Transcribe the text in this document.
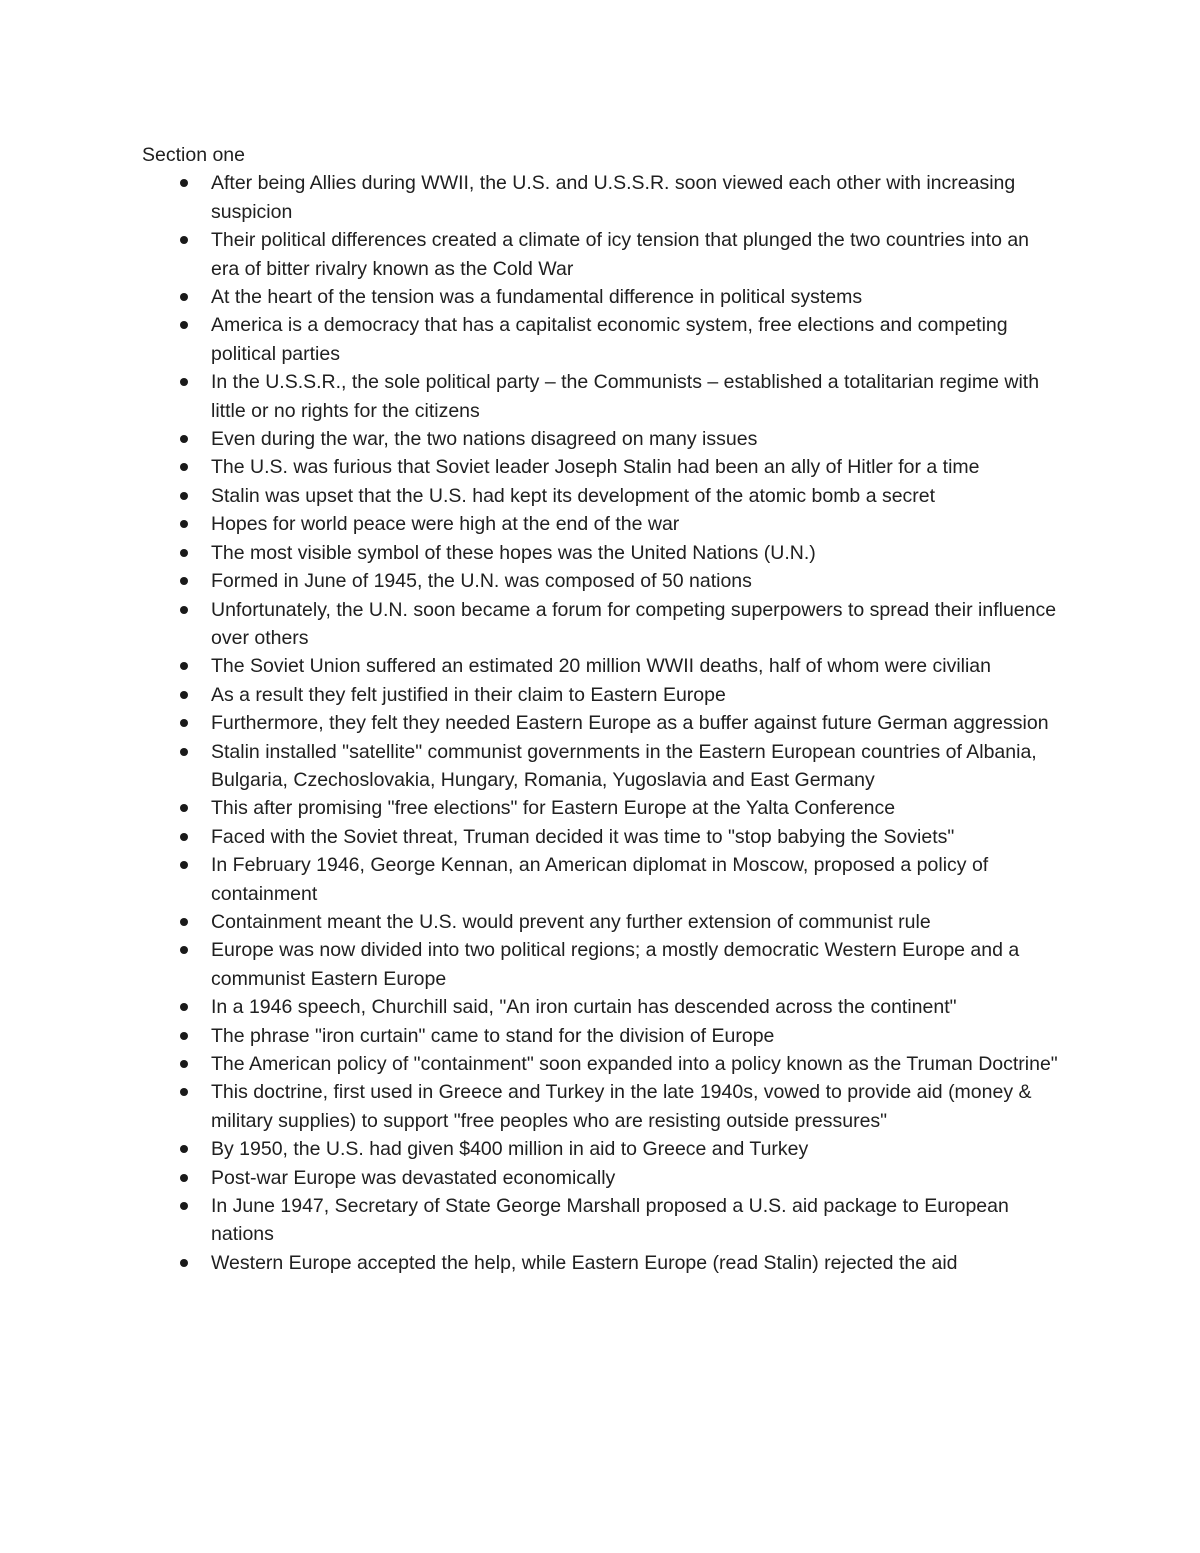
Section one

After being Allies during WWII, the U.S. and U.S.S.R. soon viewed each other with increasing suspicion
Their political differences created a climate of icy tension that plunged the two countries into an era of bitter rivalry known as the Cold War
At the heart of the tension was a fundamental difference in political systems
America is a democracy that has a capitalist economic system, free elections and competing political parties
In the U.S.S.R., the sole political party – the Communists – established a totalitarian regime with little or no rights for the citizens
Even during the war, the two nations disagreed on many issues
The U.S. was furious that Soviet leader Joseph Stalin had been an ally of Hitler for a time
Stalin was upset that the U.S. had kept its development of the atomic bomb a secret
Hopes for world peace were high at the end of the war
The most visible symbol of these hopes was the United Nations (U.N.)
Formed in June of 1945, the U.N. was composed of 50 nations
Unfortunately, the U.N. soon became a forum for competing superpowers to spread their influence over others
The Soviet Union suffered an estimated 20 million WWII deaths, half of whom were civilian
As a result they felt justified in their claim to Eastern Europe
Furthermore, they felt they needed Eastern Europe as a buffer against future German aggression
Stalin installed "satellite" communist governments in the Eastern European countries of Albania, Bulgaria, Czechoslovakia, Hungary, Romania, Yugoslavia and East Germany
This after promising "free elections" for Eastern Europe at the Yalta Conference
Faced with the Soviet threat, Truman decided it was time to "stop babying the Soviets"
In February 1946, George Kennan, an American diplomat in Moscow, proposed a policy of containment
Containment meant the U.S. would prevent any further extension of communist rule
Europe was now divided into two political regions; a mostly democratic Western Europe and a communist Eastern Europe
In a 1946 speech, Churchill said, "An iron curtain has descended across the continent"
The phrase "iron curtain" came to stand for the division of Europe
The American policy of "containment" soon expanded into a policy known as the Truman Doctrine"
This doctrine, first used in Greece and Turkey in the late 1940s, vowed to provide aid (money & military supplies) to support "free peoples who are resisting outside pressures"
By 1950, the U.S. had given $400 million in aid to Greece and Turkey
Post-war Europe was devastated economically
In June 1947, Secretary of State George Marshall proposed a U.S. aid package to European nations
Western Europe accepted the help, while Eastern Europe (read Stalin) rejected the aid
